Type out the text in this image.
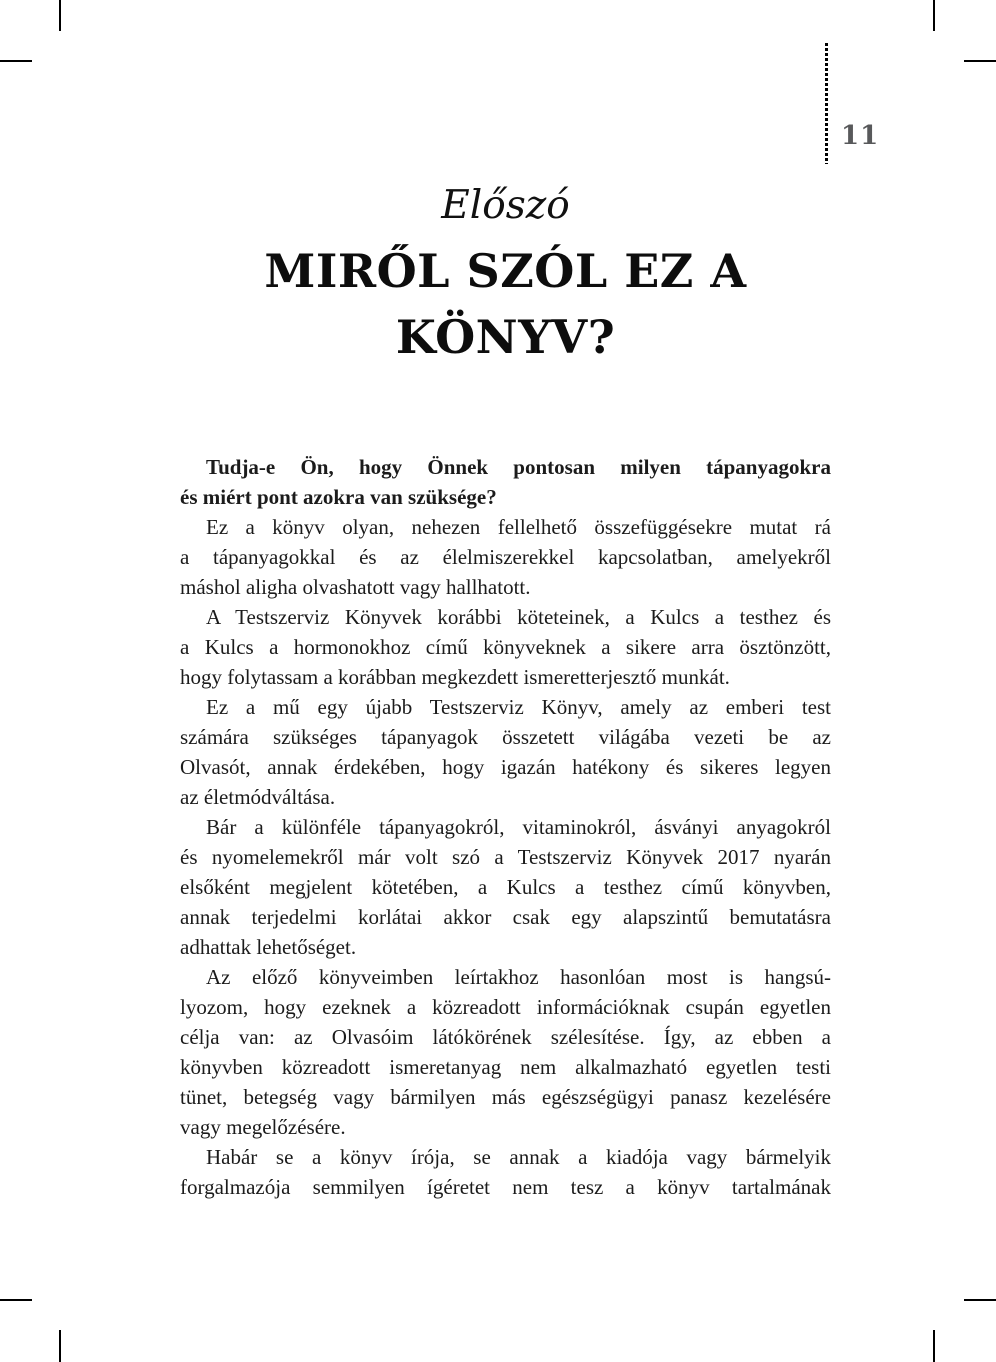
11
Előszó
MIRŐL SZÓL EZ A KÖNYV?

Tudja-e Ön, hogy Önnek pontosan milyen tápanyagokra
és miért pont azokra van szüksége?

Ez a könyv olyan, nehezen fellelhető összefüggésekre mutat rá
a tápanyagokkal és az élelmiszerekkel kapcsolatban, amelyekről
máshol aligha olvashatott vagy hallhatott.

A Testszerviz Könyvek korábbi köteteinek, a Kulcs a testhez és
a Kulcs a hormonokhoz című könyveknek a sikere arra ösztönzött,
hogy folytassam a korábban megkezdett ismeretterjesztő munkát.

Ez a mű egy újabb Testszerviz Könyv, amely az emberi test
számára szükséges tápanyagok összetett világába vezeti be az
Olvasót, annak érdekében, hogy igazán hatékony és sikeres legyen
az életmódváltása.

Bár a különféle tápanyagokról, vitaminokról, ásványi anyagokról
és nyomelemekről már volt szó a Testszerviz Könyvek 2017 nyarán
elsőként megjelent kötetében, a Kulcs a testhez című könyvben,
annak terjedelmi korlátai akkor csak egy alapszintű bemutatásra
adhattak lehetőséget.

Az előző könyveimben leírtakhoz hasonlóan most is hangsú-
lyozom, hogy ezeknek a közreadott információknak csupán egyetlen
célja van: az Olvasóim látókörének szélesítése. Így, az ebben a
könyvben közreadott ismeretanyag nem alkalmazható egyetlen testi
tünet, betegség vagy bármilyen más egészségügyi panasz kezelésére
vagy megelőzésére.

Habár se a könyv írója, se annak a kiadója vagy bármelyik
forgalmazója semmilyen ígéretet nem tesz a könyv tartalmának
